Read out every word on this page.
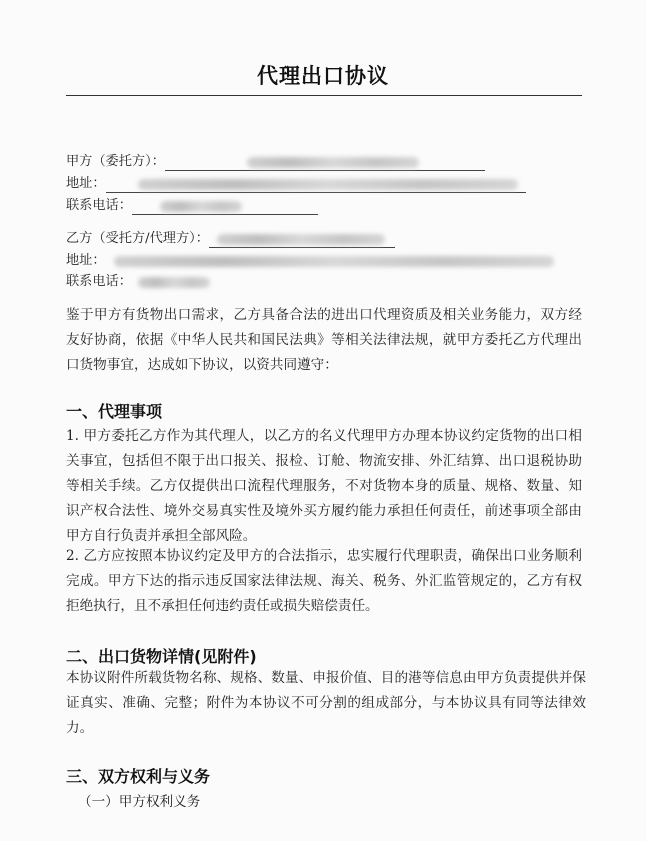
代理出口协议
甲方（委托方）：
地址：
联系电话：
乙方（受托方/代理方）：
地址：
联系电话：
鉴于甲方有货物出口需求，乙方具备合法的进出口代理资质及相关业务能力，双方经友好协商，依据《中华人民共和国民法典》等相关法律法规，就甲方委托乙方代理出口货物事宜，达成如下协议，以资共同遵守：
一、代理事项
1. 甲方委托乙方作为其代理人，以乙方的名义代理甲方办理本协议约定货物的出口相关事宜，包括但不限于出口报关、报检、订舱、物流安排、外汇结算、出口退税协助等相关手续。乙方仅提供出口流程代理服务，不对货物本身的质量、规格、数量、知识产权合法性、境外交易真实性及境外买方履约能力承担任何责任，前述事项全部由甲方自行负责并承担全部风险。
2. 乙方应按照本协议约定及甲方的合法指示，忠实履行代理职责，确保出口业务顺利完成。甲方下达的指示违反国家法律法规、海关、税务、外汇监管规定的，乙方有权拒绝执行，且不承担任何违约责任或损失赔偿责任。
二、出口货物详情(见附件)
本协议附件所载货物名称、规格、数量、申报价值、目的港等信息由甲方负责提供并保证真实、准确、完整；附件为本协议不可分割的组成部分，与本协议具有同等法律效力。
三、双方权利与义务
（一）甲方权利义务
